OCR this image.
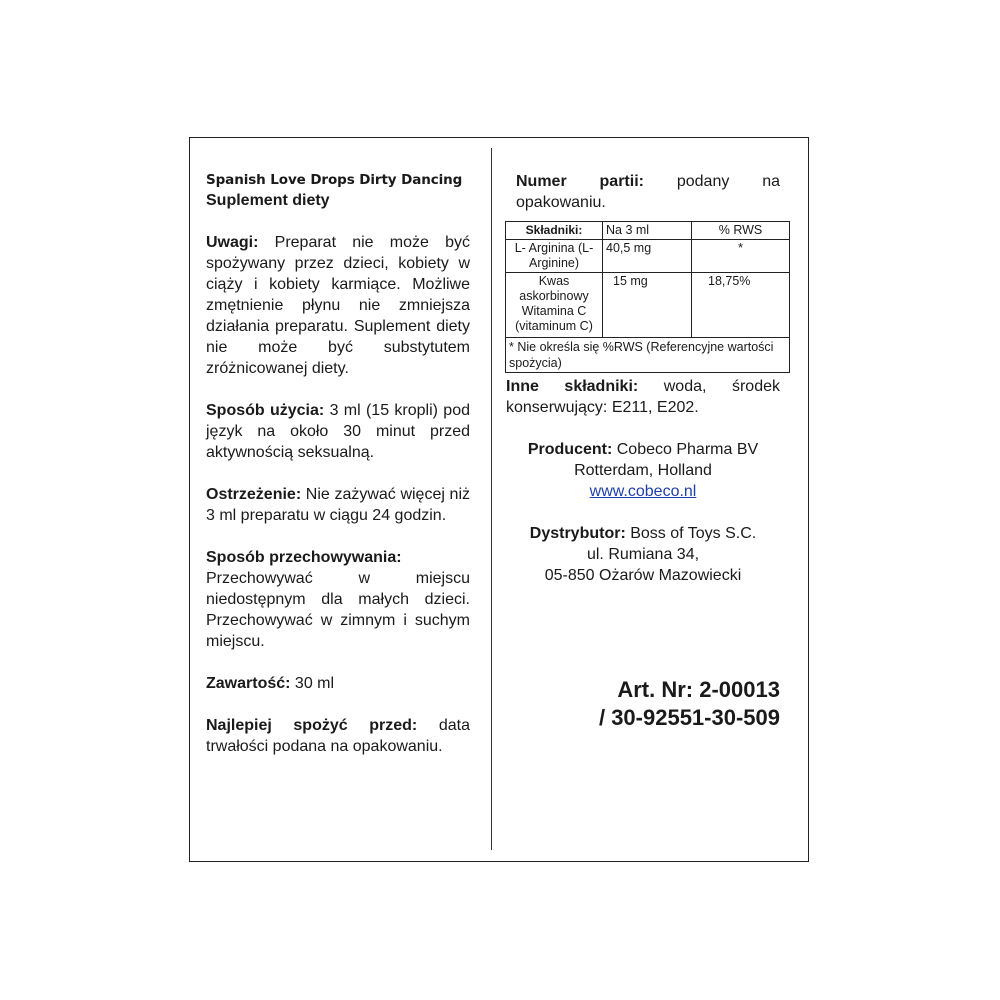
Spanish Love Drops Dirty Dancing
Suplement diety
Uwagi: Preparat nie może być spożywany przez dzieci, kobiety w ciąży i kobiety karmiące. Możliwe zmętnienie płynu nie zmniejsza działania preparatu. Suplement diety nie może być substytutem zróżnicowanej diety.
Sposób użycia: 3 ml (15 kropli) pod język na około 30 minut przed aktywnością seksualną.
Ostrzeżenie: Nie zażywać więcej niż 3 ml preparatu w ciągu 24 godzin.
Sposób przechowywania:
Przechowywać w miejscu niedostępnym dla małych dzieci. Przechowywać w zimnym i suchym miejscu.
Zawartość: 30 ml
Najlepiej spożyć przed: data trwałości podana na opakowaniu.
Numer partii: podany na opakowaniu.
Składniki:	Na 3 ml	% RWS
L- Arginina (L-Arginine)	40,5 mg	*
Kwas askorbinowy Witamina C (vitaminum C)	15 mg	18,75%
* Nie określa się %RWS (Referencyjne wartości spożycia)		
Inne składniki: woda, środek konserwujący: E211, E202.
Producent: Cobeco Pharma BV
Rotterdam, Holland
www.cobeco.nl
Dystrybutor: Boss of Toys S.C.
ul. Rumiana 34,
05-850 Ożarów Mazowiecki
Art. Nr: 2-00013
/ 30-92551-30-509
